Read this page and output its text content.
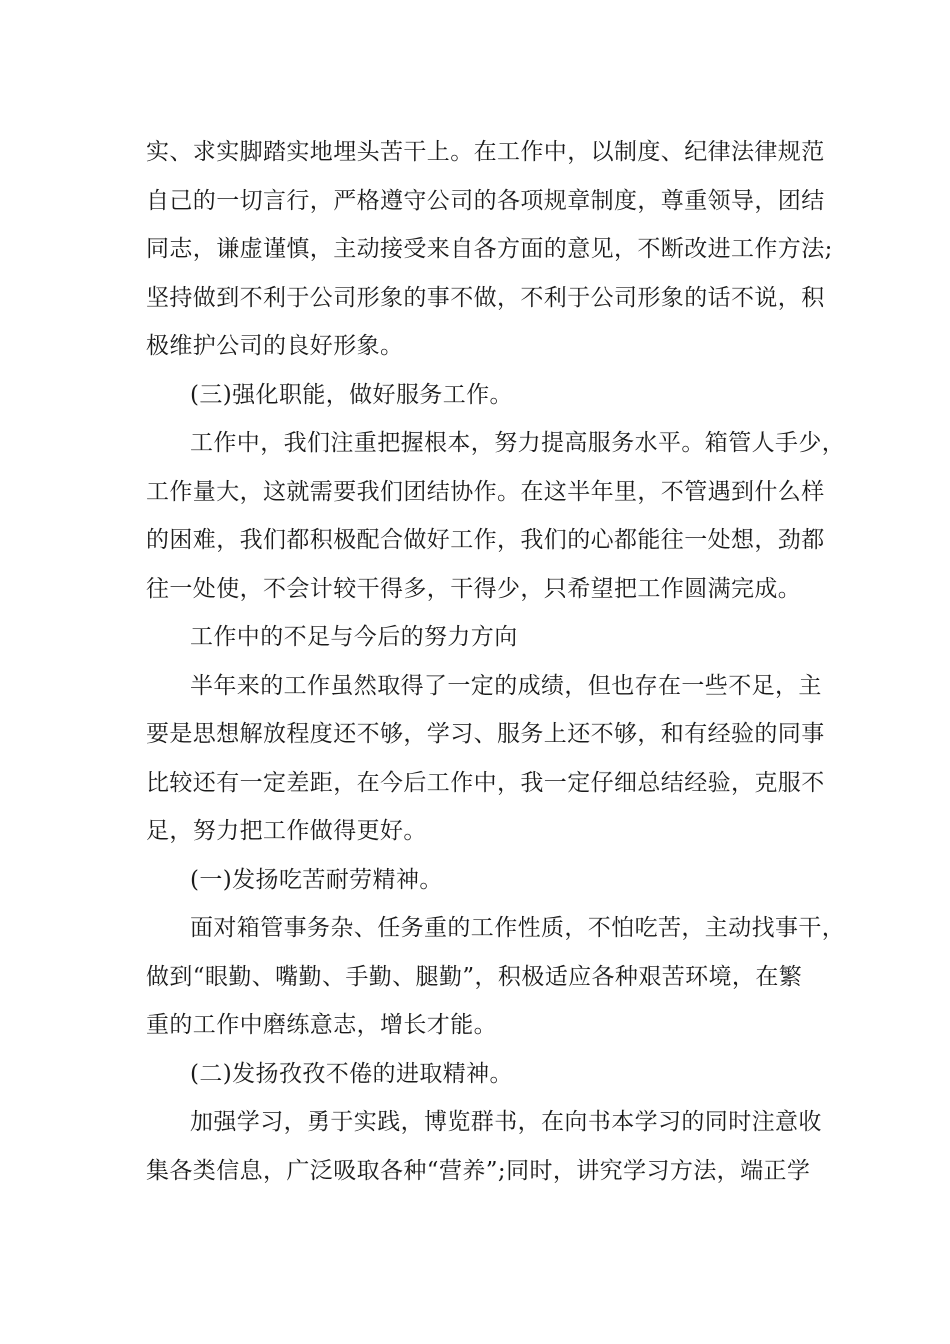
实、求实脚踏实地埋头苦干上。在工作中，以制度、纪律法律规范
自己的一切言行，严格遵守公司的各项规章制度，尊重领导，团结
同志，谦虚谨慎，主动接受来自各方面的意见，不断改进工作方法;
坚持做到不利于公司形象的事不做，不利于公司形象的话不说，积
极维护公司的良好形象。
(三)强化职能，做好服务工作。
工作中，我们注重把握根本，努力提高服务水平。箱管人手少，
工作量大，这就需要我们团结协作。在这半年里，不管遇到什么样
的困难，我们都积极配合做好工作，我们的心都能往一处想，劲都
往一处使，不会计较干得多，干得少，只希望把工作圆满完成。
工作中的不足与今后的努力方向
半年来的工作虽然取得了一定的成绩，但也存在一些不足，主
要是思想解放程度还不够，学习、服务上还不够，和有经验的同事
比较还有一定差距，在今后工作中，我一定仔细总结经验，克服不
足，努力把工作做得更好。
(一)发扬吃苦耐劳精神。
面对箱管事务杂、任务重的工作性质，不怕吃苦，主动找事干，
做到“眼勤、嘴勤、手勤、腿勤”，积极适应各种艰苦环境，在繁
重的工作中磨练意志，增长才能。
(二)发扬孜孜不倦的进取精神。
加强学习，勇于实践，博览群书，在向书本学习的同时注意收
集各类信息，广泛吸取各种“营养”;同时，讲究学习方法，端正学
